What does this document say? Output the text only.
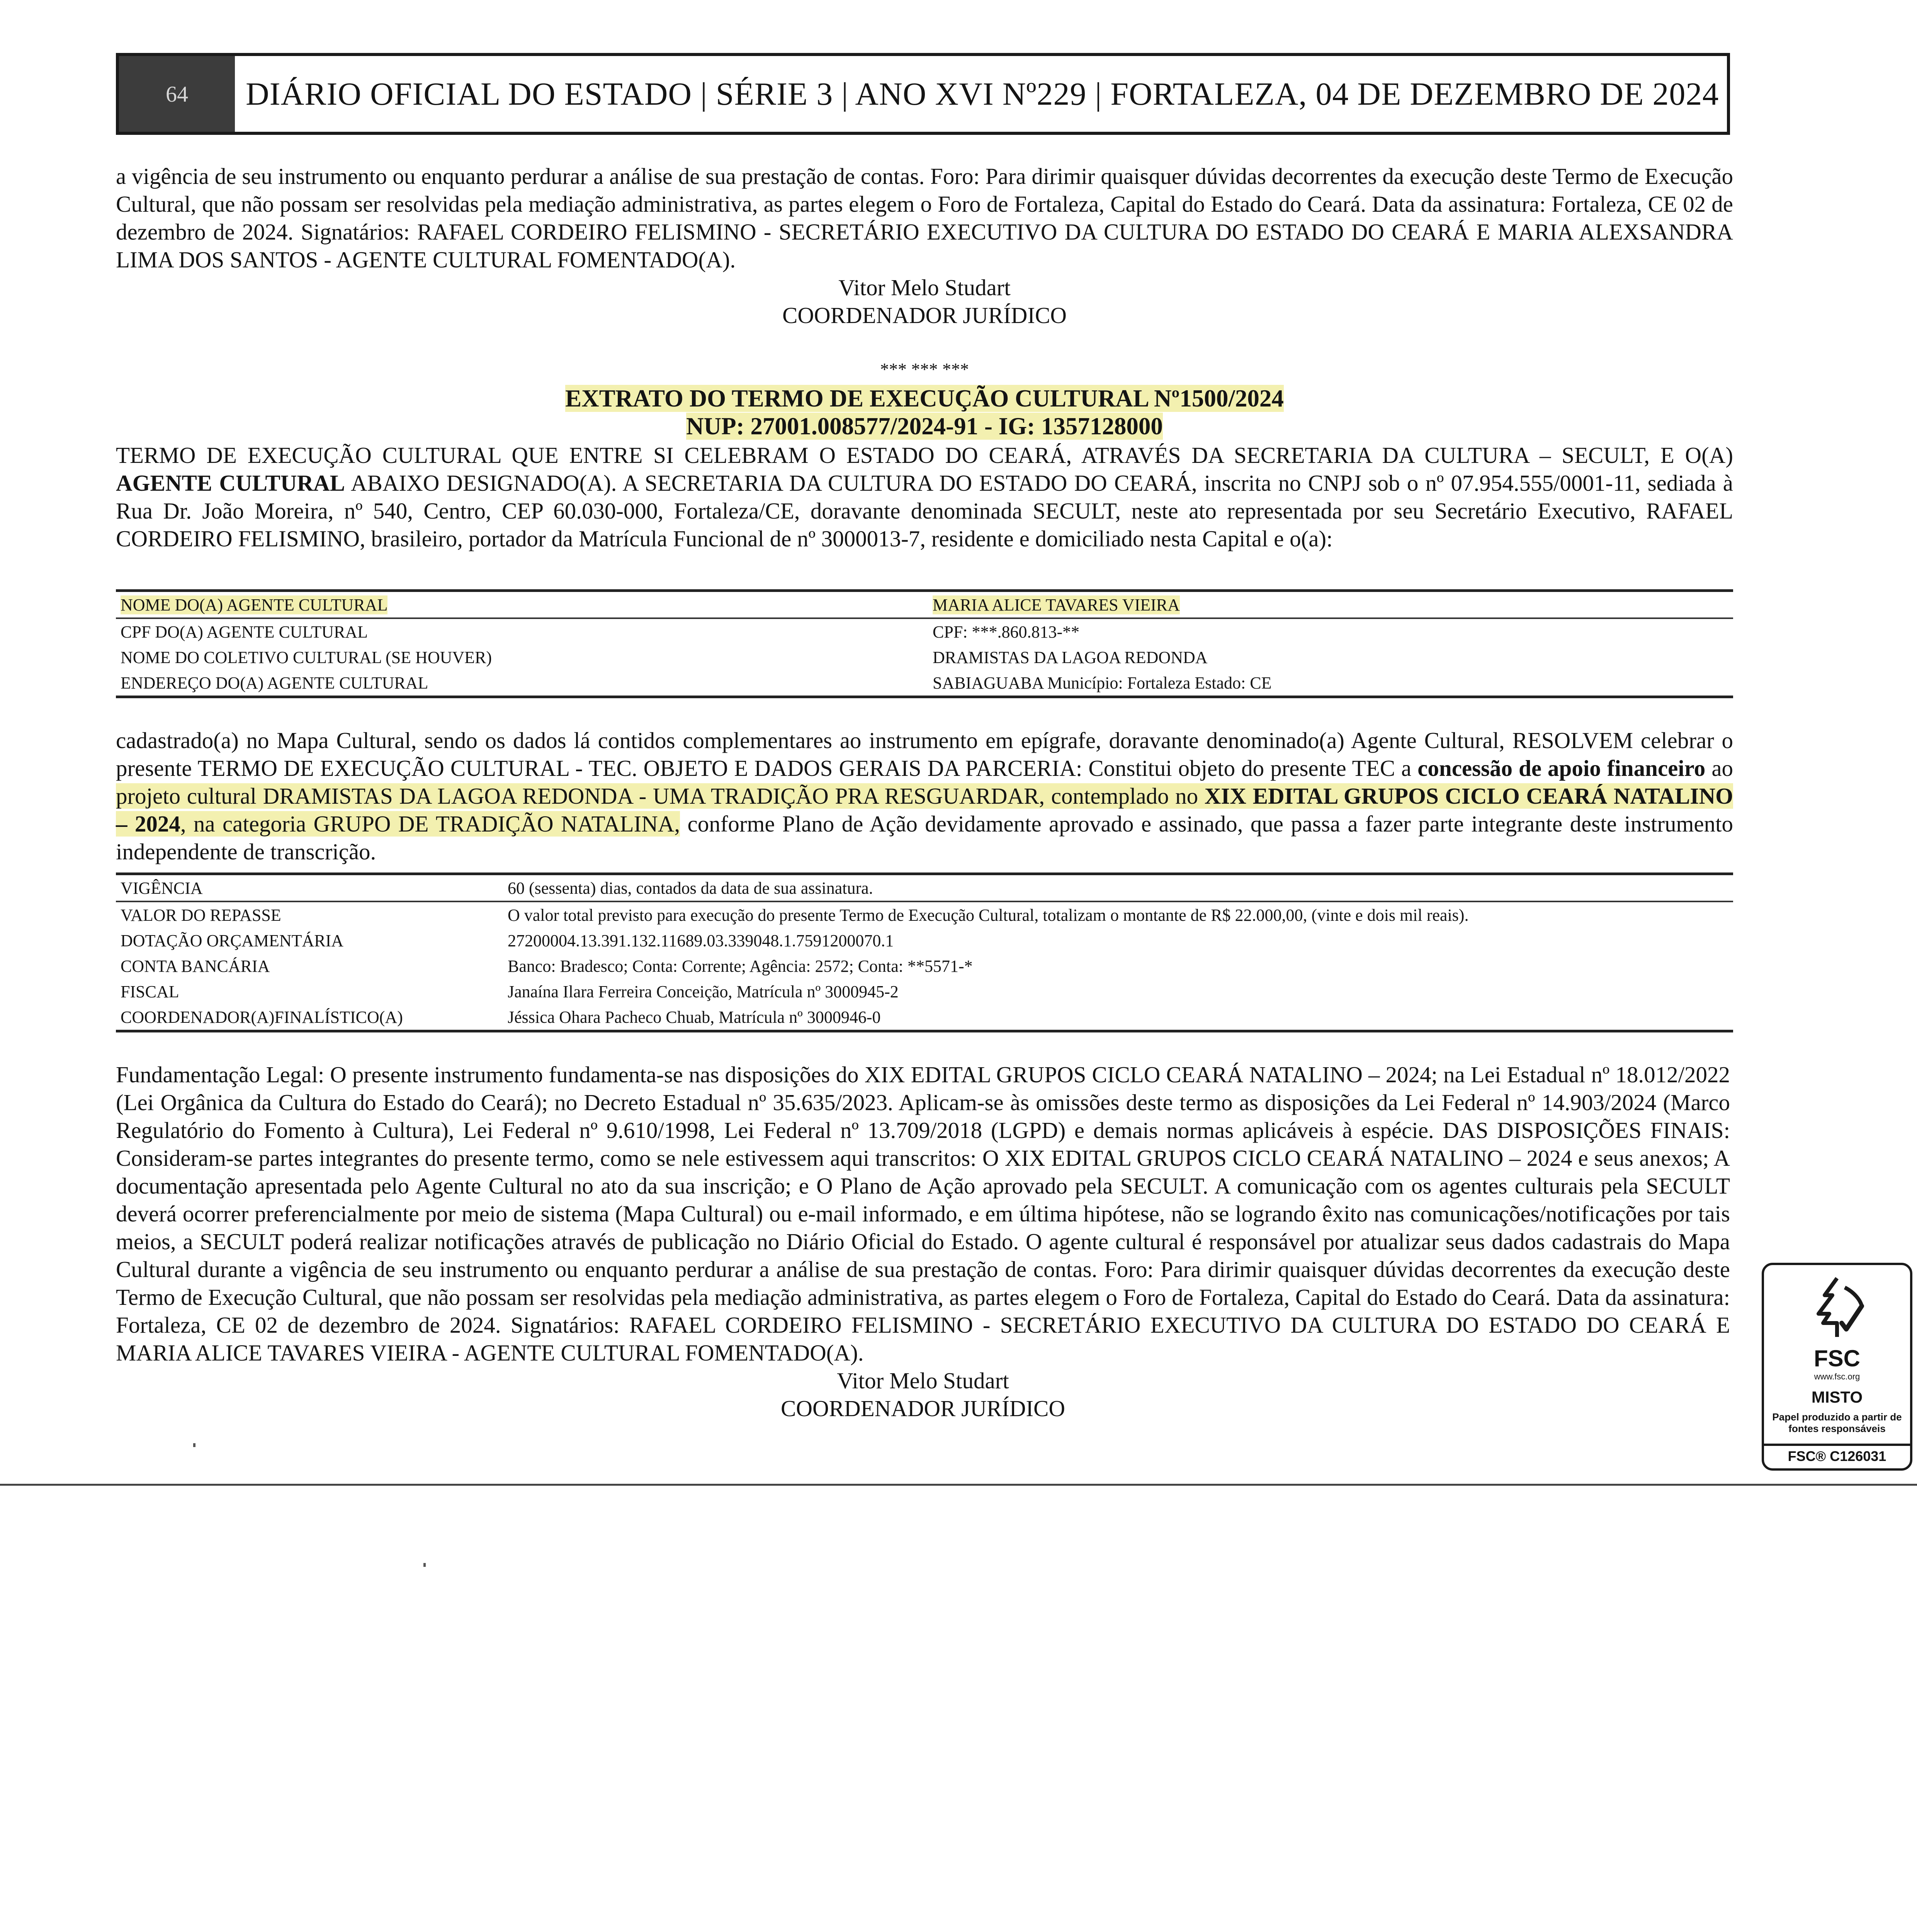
64	DIÁRIO OFICIAL DO ESTADO | SÉRIE 3 | ANO XVI Nº229 | FORTALEZA, 04 DE DEZEMBRO DE 2024

a vigência de seu instrumento ou enquanto perdurar a análise de sua prestação de contas. Foro: Para dirimir quaisquer dúvidas decorrentes da execução deste Termo de Execução Cultural, que não possam ser resolvidas pela mediação administrativa, as partes elegem o Foro de Fortaleza, Capital do Estado do Ceará. Data da assinatura: Fortaleza, CE 02 de dezembro de 2024. Signatários: RAFAEL CORDEIRO FELISMINO - SECRETÁRIO EXECUTIVO DA CULTURA DO ESTADO DO CEARÁ E MARIA ALEXSANDRA LIMA DOS SANTOS - AGENTE CULTURAL FOMENTADO(A).

Vitor Melo Studart

COORDENADOR JURÍDICO

*** *** ***
EXTRATO DO TERMO DE EXECUÇÃO CULTURAL Nº1500/2024
NUP: 27001.008577/2024-91 - IG: 1357128000

TERMO DE EXECUÇÃO CULTURAL QUE ENTRE SI CELEBRAM O ESTADO DO CEARÁ, ATRAVÉS DA SECRETARIA DA CULTURA – SECULT, E O(A) AGENTE CULTURAL ABAIXO DESIGNADO(A). A SECRETARIA DA CULTURA DO ESTADO DO CEARÁ, inscrita no CNPJ sob o nº 07.954.555/0001-11, sediada à Rua Dr. João Moreira, nº 540, Centro, CEP 60.030-000, Fortaleza/CE, doravante denominada SECULT, neste ato representada por seu Secretário Executivo, RAFAEL CORDEIRO FELISMINO, brasileiro, portador da Matrícula Funcional de nº 3000013-7, residente e domiciliado nesta Capital e o(a):

NOME DO(A) AGENTE CULTURAL	MARIA ALICE TAVARES VIEIRA
CPF DO(A) AGENTE CULTURAL	CPF: ***.860.813-**
NOME DO COLETIVO CULTURAL (SE HOUVER)	DRAMISTAS DA LAGOA REDONDA
ENDEREÇO DO(A) AGENTE CULTURAL	SABIAGUABA Município: Fortaleza Estado: CE

cadastrado(a) no Mapa Cultural, sendo os dados lá contidos complementares ao instrumento em epígrafe, doravante denominado(a) Agente Cultural, RESOLVEM celebrar o presente TERMO DE EXECUÇÃO CULTURAL - TEC. OBJETO E DADOS GERAIS DA PARCERIA: Constitui objeto do presente TEC a concessão de apoio financeiro ao projeto cultural DRAMISTAS DA LAGOA REDONDA - UMA TRADIÇÃO PRA RESGUARDAR, contemplado no XIX EDITAL GRUPOS CICLO CEARÁ NATALINO – 2024, na categoria GRUPO DE TRADIÇÃO NATALINA, conforme Plano de Ação devidamente aprovado e assinado, que passa a fazer parte integrante deste instrumento independente de transcrição.

VIGÊNCIA	60 (sessenta) dias, contados da data de sua assinatura.
VALOR DO REPASSE	O valor total previsto para execução do presente Termo de Execução Cultural, totalizam o montante de R$ 22.000,00, (vinte e dois mil reais).
DOTAÇÃO ORÇAMENTÁRIA	27200004.13.391.132.11689.03.339048.1.7591200070.1
CONTA BANCÁRIA	Banco: Bradesco; Conta: Corrente; Agência: 2572; Conta: **5571-*
FISCAL	Janaína Ilara Ferreira Conceição, Matrícula nº 3000945-2
COORDENADOR(A)FINALÍSTICO(A)	Jéssica Ohara Pacheco Chuab, Matrícula nº 3000946-0

Fundamentação Legal: O presente instrumento fundamenta-se nas disposições do XIX EDITAL GRUPOS CICLO CEARÁ NATALINO – 2024; na Lei Estadual nº 18.012/2022 (Lei Orgânica da Cultura do Estado do Ceará); no Decreto Estadual nº 35.635/2023. Aplicam-se às omissões deste termo as disposições da Lei Federal nº 14.903/2024 (Marco Regulatório do Fomento à Cultura), Lei Federal nº 9.610/1998, Lei Federal nº 13.709/2018 (LGPD) e demais normas aplicáveis à espécie. DAS DISPOSIÇÕES FINAIS: Consideram-se partes integrantes do presente termo, como se nele estivessem aqui transcritos: O XIX EDITAL GRUPOS CICLO CEARÁ NATALINO – 2024 e seus anexos; A documentação apresentada pelo Agente Cultural no ato da sua inscrição; e O Plano de Ação aprovado pela SECULT. A comunicação com os agentes culturais pela SECULT deverá ocorrer preferencialmente por meio de sistema (Mapa Cultural) ou e-mail informado, e em última hipótese, não se logrando êxito nas comunicações/notificações por tais meios, a SECULT poderá realizar notificações através de publicação no Diário Oficial do Estado. O agente cultural é responsável por atualizar seus dados cadastrais do Mapa Cultural durante a vigência de seu instrumento ou enquanto perdurar a análise de sua prestação de contas. Foro: Para dirimir quaisquer dúvidas decorrentes da execução deste Termo de Execução Cultural, que não possam ser resolvidas pela mediação administrativa, as partes elegem o Foro de Fortaleza, Capital do Estado do Ceará. Data da assinatura: Fortaleza, CE 02 de dezembro de 2024. Signatários: RAFAEL CORDEIRO FELISMINO - SECRETÁRIO EXECUTIVO DA CULTURA DO ESTADO DO CEARÁ E MARIA ALICE TAVARES VIEIRA - AGENTE CULTURAL FOMENTADO(A).

Vitor Melo Studart

COORDENADOR JURÍDICO

FSC
www.fsc.org
MISTO
Papel produzido a partir de fontes responsáveis
FSC® C126031
